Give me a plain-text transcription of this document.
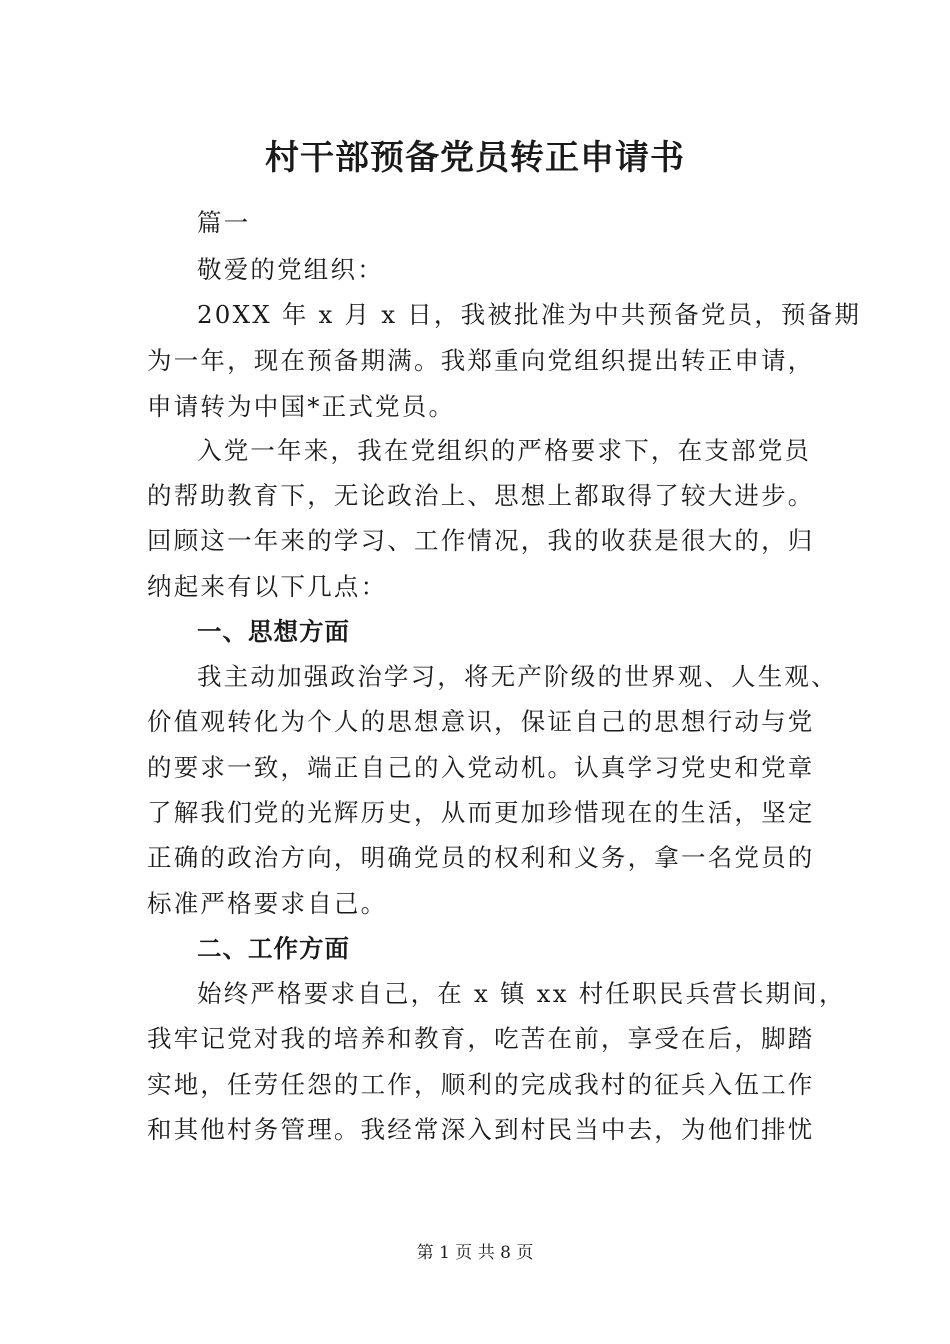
村干部预备党员转正申请书
篇一
敬爱的党组织：
20XX 年 x 月 x 日，我被批准为中共预备党员，预备期
为一年，现在预备期满。我郑重向党组织提出转正申请，
申请转为中国*正式党员。
入党一年来，我在党组织的严格要求下，在支部党员
的帮助教育下，无论政治上、思想上都取得了较大进步。
回顾这一年来的学习、工作情况，我的收获是很大的，归
纳起来有以下几点：
一、思想方面
我主动加强政治学习，将无产阶级的世界观、人生观、
价值观转化为个人的思想意识，保证自己的思想行动与党
的要求一致，端正自己的入党动机。认真学习党史和党章
了解我们党的光辉历史，从而更加珍惜现在的生活，坚定
正确的政治方向，明确党员的权利和义务，拿一名党员的
标准严格要求自己。
二、工作方面
始终严格要求自己，在 x 镇 xx 村任职民兵营长期间，
我牢记党对我的培养和教育，吃苦在前，享受在后，脚踏
实地，任劳任怨的工作，顺利的完成我村的征兵入伍工作
和其他村务管理。我经常深入到村民当中去，为他们排忧
第 1 页 共 8 页
